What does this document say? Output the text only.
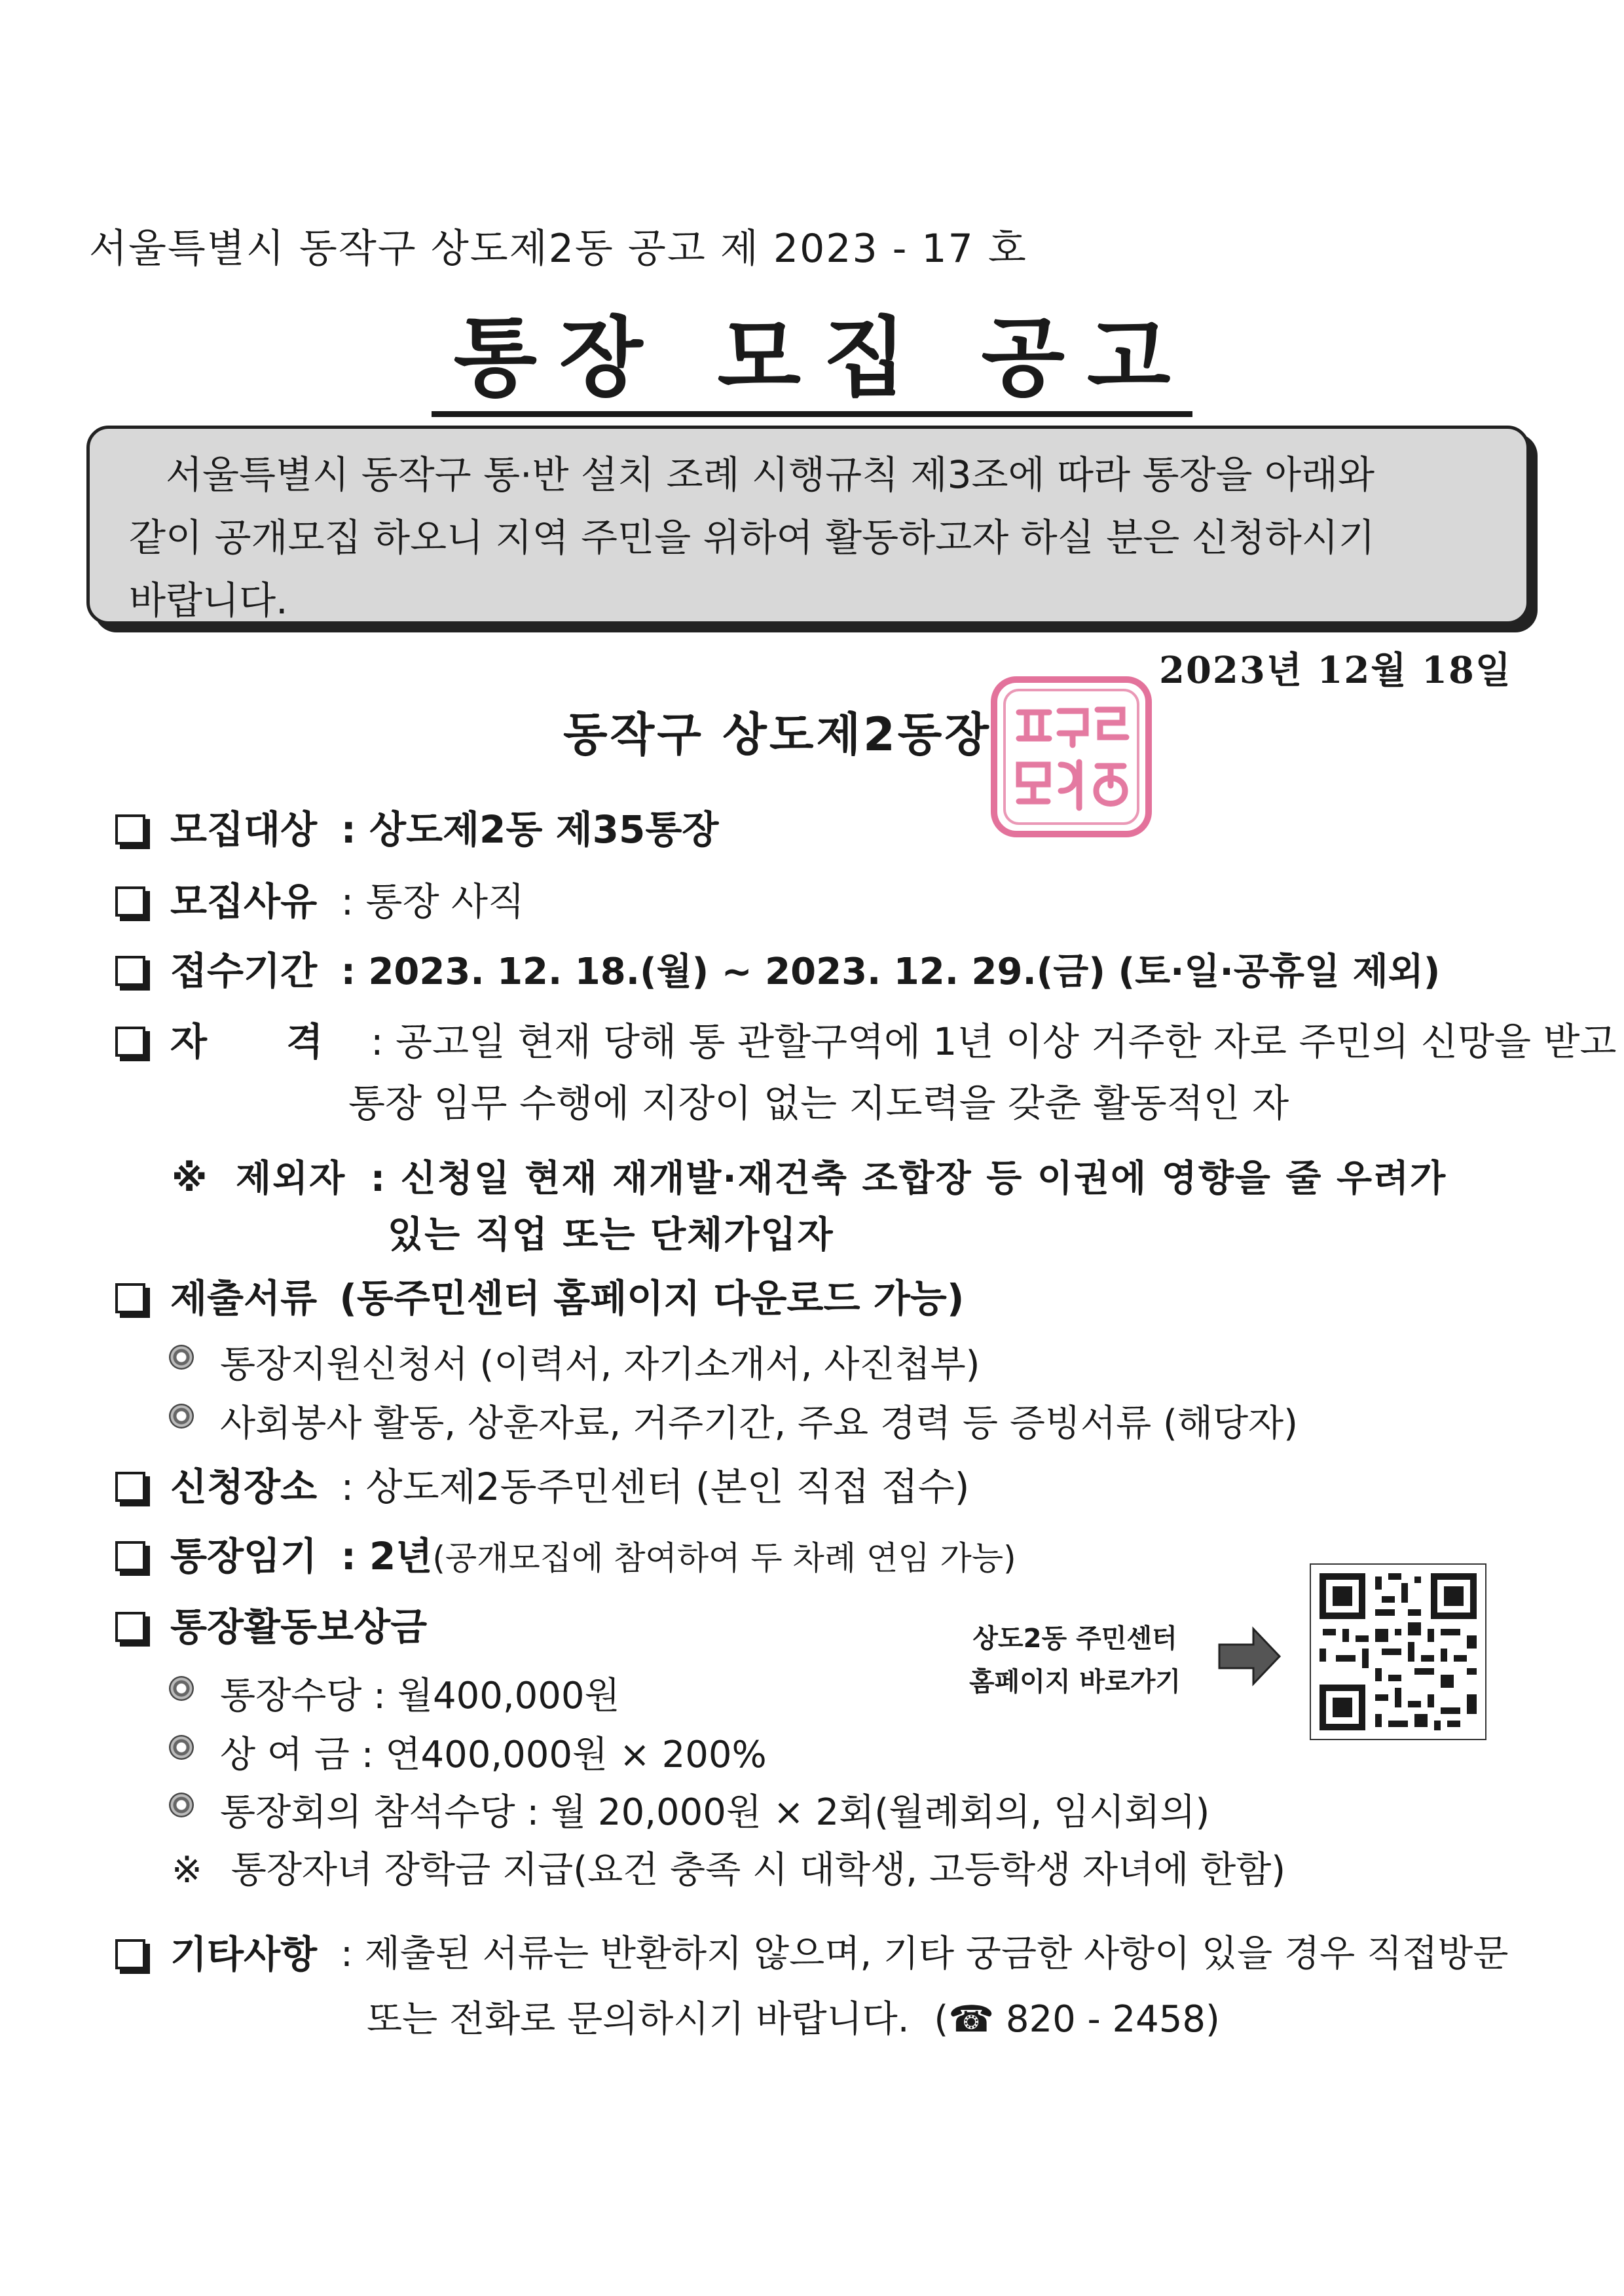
서울특별시 동작구 상도제2동 공고 제 2023 - 17 호
통장 모집 공고
서울특별시 동작구 통·반 설치 조례 시행규칙 제3조에 따라 통장을 아래와
같이 공개모집 하오니 지역 주민을 위하여 활동하고자 하실 분은 신청하시기
바랍니다.
2023년 12월 18일
동작구 상도제2동장
모집대상 : 상도제2동 제35통장
모집사유 : 통장 사직
접수기간 : 2023. 12. 18.(월) ~ 2023. 12. 29.(금) (토·일·공휴일 제외)
자      격 : 공고일 현재 당해 통 관할구역에 1년 이상 거주한 자로 주민의 신망을 받고
통장 임무 수행에 지장이 없는 지도력을 갖춘 활동적인 자
※ 제외자 : 신청일 현재 재개발·재건축 조합장 등 이권에 영향을 줄 우려가
있는 직업 또는 단체가입자
제출서류 (동주민센터 홈페이지 다운로드 가능)
통장지원신청서 (이력서, 자기소개서, 사진첩부)
사회봉사 활동, 상훈자료, 거주기간, 주요 경력 등 증빙서류 (해당자)
신청장소 : 상도제2동주민센터 (본인 직접 접수)
통장임기 : 2년(공개모집에 참여하여 두 차례 연임 가능)
통장활동보상금
통장수당 : 월400,000원
상 여 금 : 연400,000원 × 200%
통장회의 참석수당 : 월 20,000원 × 2회(월례회의, 임시회의)
※ 통장자녀 장학금 지급(요건 충족 시 대학생, 고등학생 자녀에 한함)
상도2동 주민센터
홈페이지 바로가기
기타사항 : 제출된 서류는 반환하지 않으며, 기타 궁금한 사항이 있을 경우 직접방문
또는 전화로 문의하시기 바랍니다. (☎ 820 - 2458)
